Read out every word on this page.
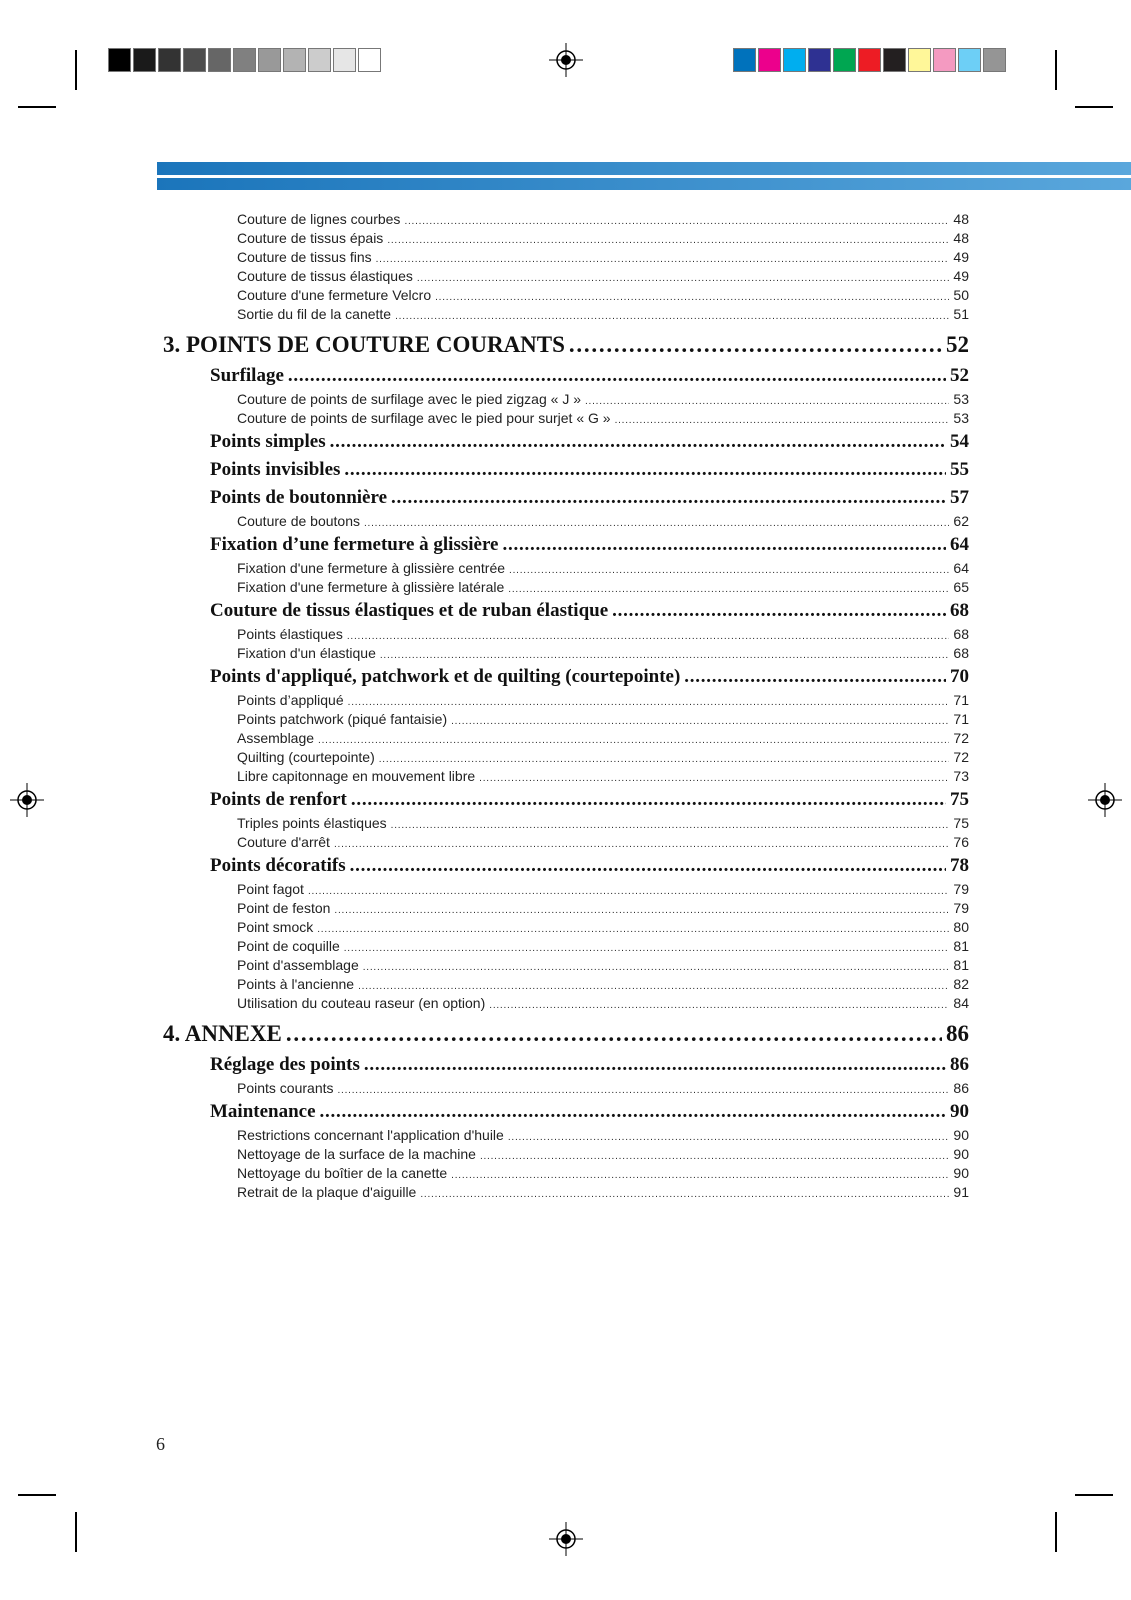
Couture de lignes courbes . . .	48
Couture de tissus épais . . .	48
Couture de tissus fins . . .	49
Couture de tissus élastiques . . .	49
Couture d'une fermeture Velcro . . .	50
Sortie du fil de la canette . . .	51
3. POINTS DE COUTURE COURANTS . . .	52
Surfilage . . .	52
Couture de points de surfilage avec le pied zigzag « J » . . .	53
Couture de points de surfilage avec le pied pour surjet « G » . . .	53
Points simples . . .	54
Points invisibles . . .	55
Points de boutonnière . . .	57
Couture de boutons . . .	62
Fixation d’une fermeture à glissière . . .	64
Fixation d'une fermeture à glissière centrée . . .	64
Fixation d'une fermeture à glissière latérale . . .	65
Couture de tissus élastiques et de ruban élastique . . .	68
Points élastiques . . .	68
Fixation d'un élastique . . .	68
Points d'appliqué, patchwork et de quilting (courtepointe) . . .	70
Points d’appliqué . . .	71
Points patchwork (piqué fantaisie) . . .	71
Assemblage . . .	72
Quilting (courtepointe) . . .	72
Libre capitonnage en mouvement libre . . .	73
Points de renfort . . .	75
Triples points élastiques . . .	75
Couture d'arrêt . . .	76
Points décoratifs . . .	78
Point fagot . . .	79
Point de feston . . .	79
Point smock . . .	80
Point de coquille . . .	81
Point d'assemblage . . .	81
Points à l'ancienne . . .	82
Utilisation du couteau raseur (en option) . . .	84
4. ANNEXE . . .	86
Réglage des points . . .	86
Points courants . . .	86
Maintenance . . .	90
Restrictions concernant l'application d'huile . . .	90
Nettoyage de la surface de la machine . . .	90
Nettoyage du boîtier de la canette . . .	90
Retrait de la plaque d'aiguille . . .	91
6
